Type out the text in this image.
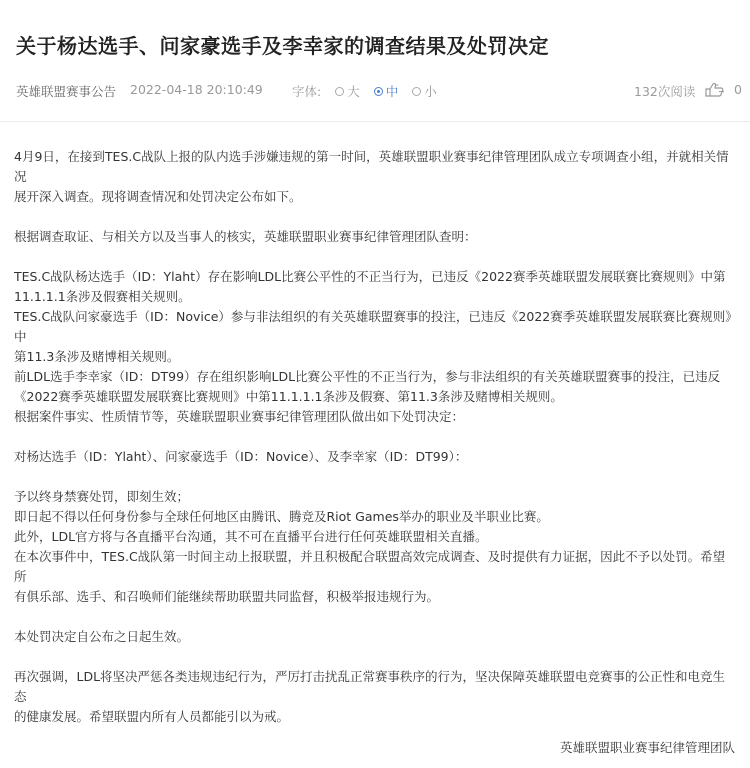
关于杨达选手、问家豪选手及李幸家的调查结果及处罚决定
英雄联盟赛事公告 2022-04-18 20:10:49 字体: 大 中 小	132次阅读	0

4月9日，在接到TES.C战队上报的队内选手涉嫌违规的第一时间，英雄联盟职业赛事纪律管理团队成立专项调查小组，并就相关情况

展开深入调查。现将调查情况和处罚决定公布如下。

根据调查取证、与相关方以及当事人的核实，英雄联盟职业赛事纪律管理团队查明：

TES.C战队杨达选手（ID：Ylaht）存在影响LDL比赛公平性的不正当行为，已违反《2022赛季英雄联盟发展联赛比赛规则》中第

11.1.1.1条涉及假赛相关规则。

TES.C战队问家豪选手（ID：Novice）参与非法组织的有关英雄联盟赛事的投注，已违反《2022赛季英雄联盟发展联赛比赛规则》中

第11.3条涉及赌博相关规则。

前LDL选手李幸家（ID：DT99）存在组织影响LDL比赛公平性的不正当行为，参与非法组织的有关英雄联盟赛事的投注，已违反

《2022赛季英雄联盟发展联赛比赛规则》中第11.1.1.1条涉及假赛、第11.3条涉及赌博相关规则。

根据案件事实、性质情节等，英雄联盟职业赛事纪律管理团队做出如下处罚决定：

对杨达选手（ID：Ylaht）、问家豪选手（ID：Novice）、及李幸家（ID：DT99）：

予以终身禁赛处罚，即刻生效；

即日起不得以任何身份参与全球任何地区由腾讯、腾竞及Riot Games举办的职业及半职业比赛。

此外，LDL官方将与各直播平台沟通，其不可在直播平台进行任何英雄联盟相关直播。

在本次事件中，TES.C战队第一时间主动上报联盟，并且积极配合联盟高效完成调查、及时提供有力证据，因此不予以处罚。希望所

有俱乐部、选手、和召唤师们能继续帮助联盟共同监督，积极举报违规行为。

本处罚决定自公布之日起生效。

再次强调，LDL将坚决严惩各类违规违纪行为，严厉打击扰乱正常赛事秩序的行为，坚决保障英雄联盟电竞赛事的公正性和电竞生态

的健康发展。希望联盟内所有人员都能引以为戒。

英雄联盟职业赛事纪律管理团队
